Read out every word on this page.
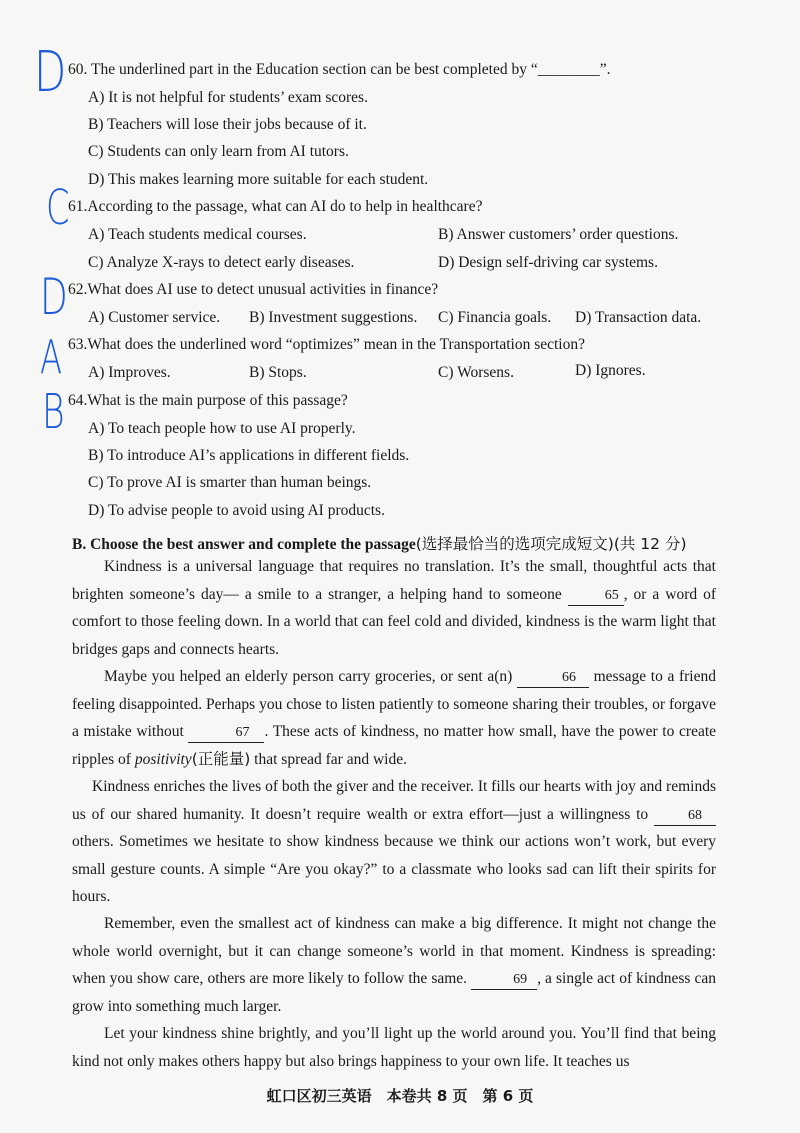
D
C
D
A
B
60. The underlined part in the Education section can be best completed by “________”.
A) It is not helpful for students’ exam scores.
B) Teachers will lose their jobs because of it.
C) Students can only learn from AI tutors.
D) This makes learning more suitable for each student.
61.According to the passage, what can AI do to help in healthcare?
A) Teach students medical courses.	B) Answer customers’ order questions.
C) Analyze X-rays to detect early diseases.	D) Design self-driving car systems.
62.What does AI use to detect unusual activities in finance?
A) Customer service. B) Investment suggestions. C) Financia goals. D) Transaction data.
63.What does the underlined word “optimizes” mean in the Transportation section?
A) Improves.	B) Stops.	C) Worsens.	D) Ignores.
64.What is the main purpose of this passage?
A) To teach people how to use AI properly.
B) To introduce AI’s applications in different fields.
C) To prove AI is smarter than human beings.
D) To advise people to avoid using AI products.
B. Choose the best answer and complete the passage(选择最恰当的选项完成短文)(共 12 分)
Kindness is a universal language that requires no translation. It’s the small, thoughtful acts that brighten someone’s day— a smile to a stranger, a helping hand to someone	65 , or a word of comfort to those feeling down. In a world that can feel cold and divided, kindness is the warm light that bridges gaps and connects hearts.
Maybe you helped an elderly person carry groceries, or sent a(n)	66 message to a friend feeling disappointed. Perhaps you chose to listen patiently to someone sharing their troubles, or forgave a mistake without	67 . These acts of kindness, no matter how small, have the power to create ripples of positivity(正能量) that spread far and wide.
Kindness enriches the lives of both the giver and the receiver. It fills our hearts with joy and reminds us of our shared humanity. It doesn’t require wealth or extra effort—just a willingness to 68 others. Sometimes we hesitate to show kindness because we think our actions won’t work, but every small gesture counts. A simple “Are you okay?” to a classmate who looks sad can lift their spirits for hours.
Remember, even the smallest act of kindness can make a big difference. It might not change the whole world overnight, but it can change someone’s world in that moment. Kindness is spreading: when you show care, others are more likely to follow the same.	69 , a single act of kindness can grow into something much larger.
Let your kindness shine brightly, and you’ll light up the world around you. You’ll find that being kind not only makes others happy but also brings happiness to your own life. It teaches us
虹口区初三英语　本卷共 8 页　第 6 页
